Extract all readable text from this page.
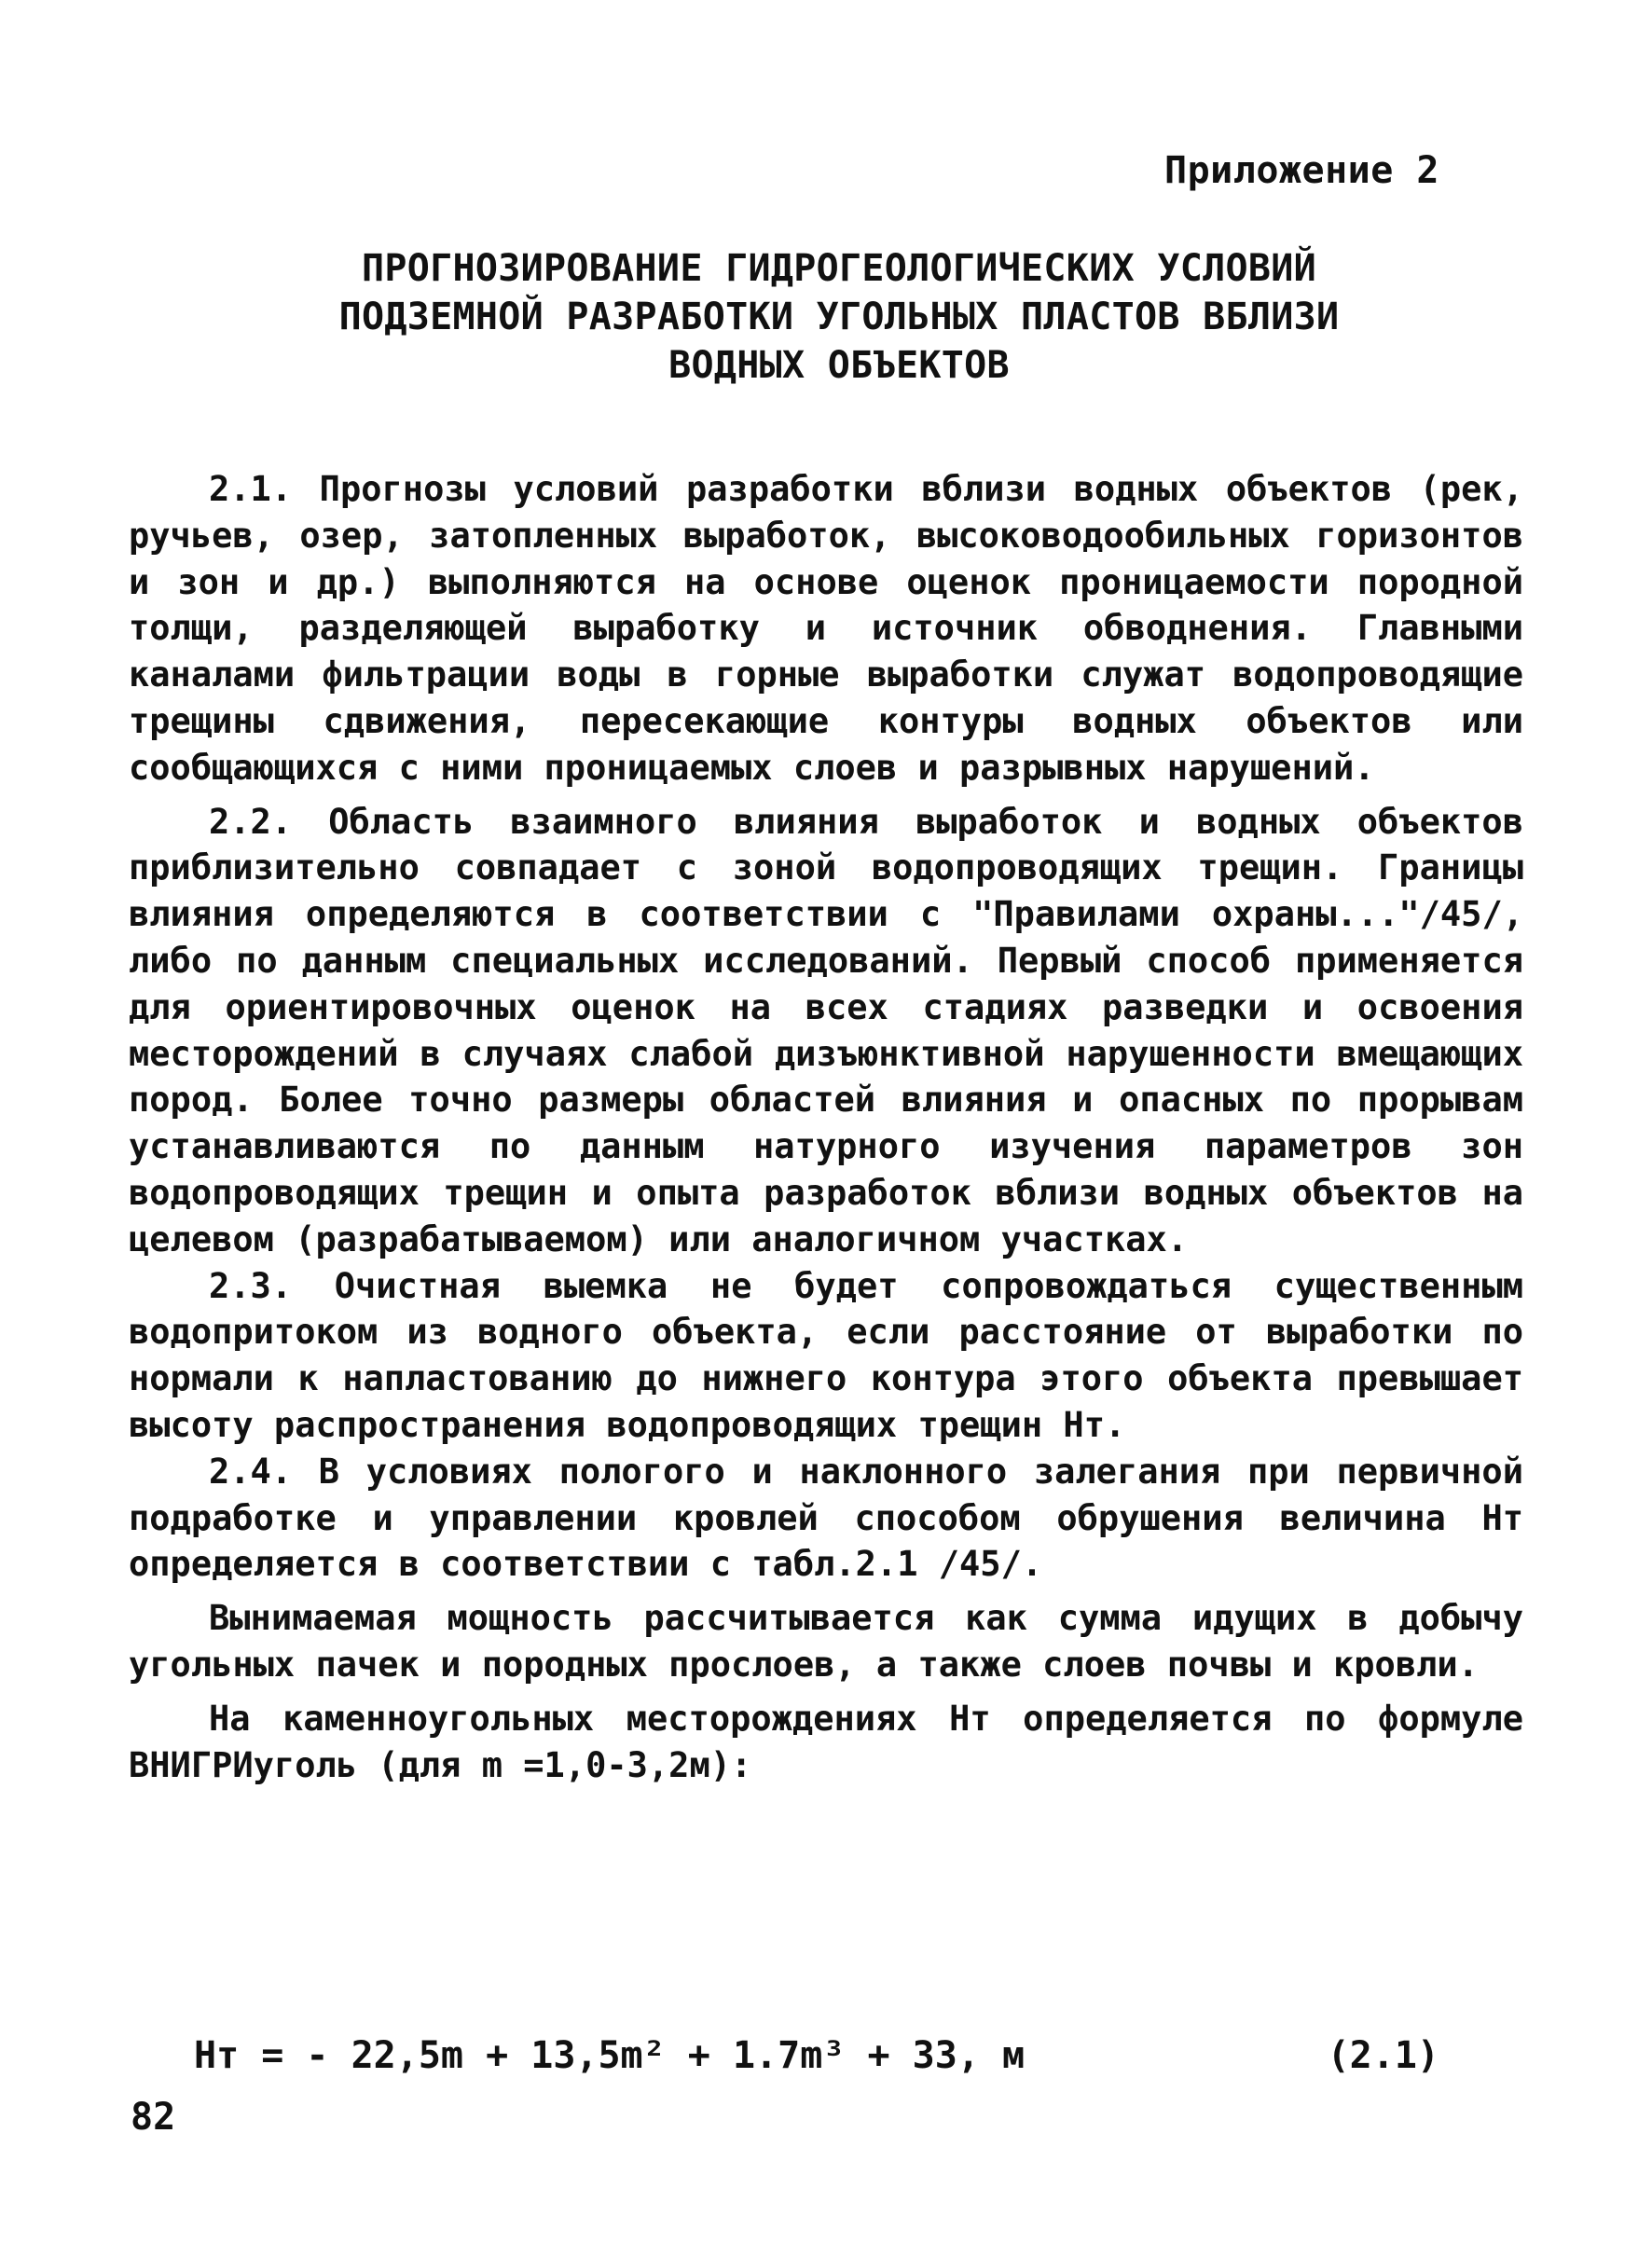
Приложение 2
ПРОГНОЗИРОВАНИЕ ГИДРОГЕОЛОГИЧЕСКИХ УСЛОВИЙ
ПОДЗЕМНОЙ РАЗРАБОТКИ УГОЛЬНЫХ ПЛАСТОВ ВБЛИЗИ
ВОДНЫХ ОБЪЕКТОВ

2.1. Прогнозы условий разработки вблизи водных объектов (рек, ручьев, озер, затопленных выработок, высоководообильных горизонтов и зон и др.) выполняются на основе оценок проницаемости породной толщи, разделяющей выработку и источник обводнения. Главными каналами фильтрации воды в горные выработки служат водопроводящие трещины сдвижения, пересекающие контуры водных объектов или сообщающихся с ними проницаемых слоев и разрывных нарушений.

2.2. Область взаимного влияния выработок и водных объектов приблизительно совпадает с зоной водопроводящих трещин. Границы влияния определяются в соответствии с "Правилами охраны..."/45/, либо по данным специальных исследований. Первый способ применяется для ориентировочных оценок на всех стадиях разведки и освоения месторождений в случаях слабой дизъюнктивной нарушенности вмещающих пород. Более точно размеры областей влияния и опасных по прорывам устанавливаются по данным натурного изучения параметров зон водопроводящих трещин и опыта разработок вблизи водных объектов на целевом (разрабатываемом) или аналогичном участках.

2.3. Очистная выемка не будет сопровождаться существенным водопритоком из водного объекта, если расстояние от выработки по нормали к напластованию до нижнего контура этого объекта превышает высоту распространения водопроводящих трещин Hт.

2.4. В условиях пологого и наклонного залегания при первичной подработке и управлении кровлей способом обрушения величина Hт определяется в соответствии с табл.2.1 /45/.

Вынимаемая мощность рассчитывается как сумма идущих в добычу угольных пачек и породных прослоев, а также слоев почвы и кровли.

На каменноугольных месторождениях Hт определяется по формуле ВНИГРИуголь (для m =1,0-3,2м):

Hт = - 22,5m + 13,5m² + 1.7m³ + 33, м	(2.1)
82
